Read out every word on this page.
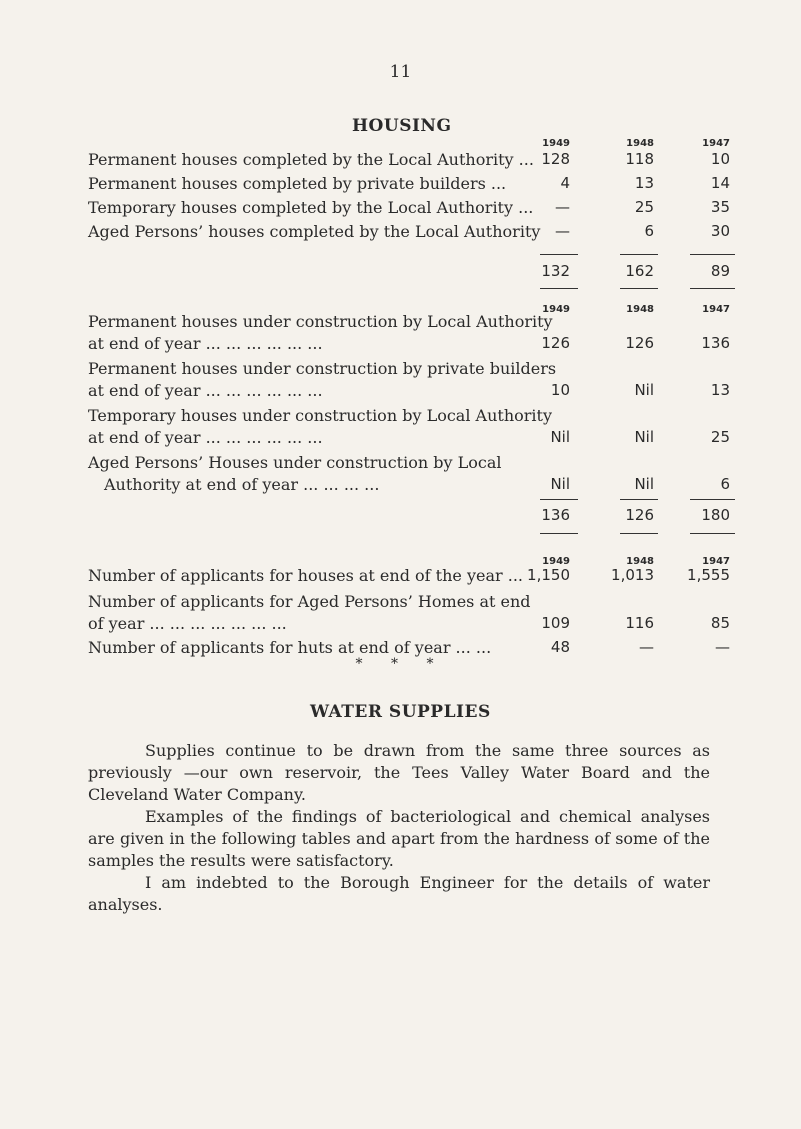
11
HOUSING
1949	1948	1947
Permanent houses completed by the Local Authority ... 128	118	10
Permanent houses completed by private builders ...	4	13	14
Temporary houses completed by the Local Authority ...	—	25	35
Aged Persons’ houses completed by the Local Authority —	6	30
132	162	89
1949	1948	1947
Permanent houses under construction by Local Authority
at end of year ... ... ... ... ... ...	126	126	136
Permanent houses under construction by private builders
at end of year ... ... ... ... ... ...	10	Nil	13
Temporary houses under construction by Local Authority
at end of year ... ... ... ... ... ...	Nil	Nil	25
Aged Persons’ Houses under construction by Local
Authority at end of year ... ... ... ...	Nil	Nil	6
136	126	180
1949	1948	1947
Number of applicants for houses at end of the year ... 1,150	1,013	1,555
Number of applicants for Aged Persons’ Homes at end
of year ... ... ... ... ... ... ...	109	116	85
Number of applicants for huts at end of year ... ...	48	—	—
* * *
WATER SUPPLIES
Supplies continue to be drawn from the same three sources as previously —our own reservoir, the Tees Valley Water Board and the Cleveland Water Company.
Examples of the findings of bacteriological and chemical analyses are given in the following tables and apart from the hardness of some of the samples the results were satisfactory.
I am indebted to the Borough Engineer for the details of water analyses.
